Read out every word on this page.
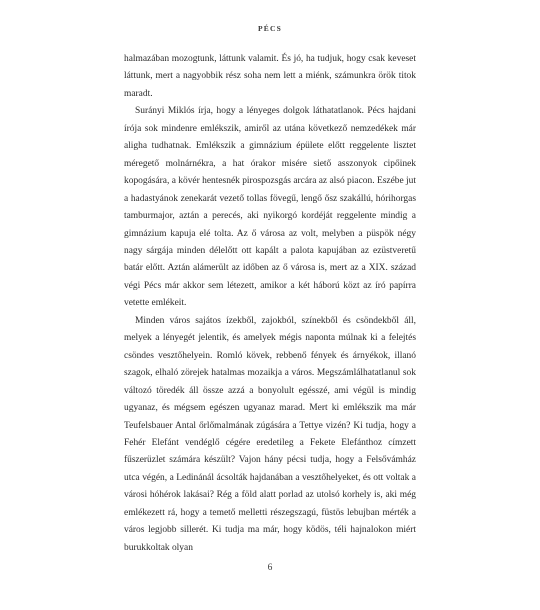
PÉCS

halmazában mozogtunk, láttunk valamit. És jó, ha tudjuk, hogy csak keveset láttunk, mert a nagyobbik rész soha nem lett a miénk, számunkra örök titok maradt.

Surányi Miklós írja, hogy a lényeges dolgok láthatatlanok. Pécs hajdani írója sok mindenre emlékszik, amiről az utána következő nemzedékek már aligha tudhatnak. Emlékszik a gimnázium épülete előtt reggelente lisztet méregető molnárnékra, a hat órakor misére siető asszonyok cipőinek kopogására, a kövér hentesnék pirospozsgás arcára az alsó piacon. Eszébe jut a hadastyánok zenekarát vezető tollas fövegű, lengő ősz szakállú, hórihorgas tamburmajor, aztán a perecés, aki nyikorgó kordéját reggelente mindig a gimnázium kapuja elé tolta. Az ő városa az volt, melyben a püspök négy nagy sárgája minden délelőtt ott kapált a palota kapujában az ezüstveretű batár előtt. Aztán alámerült az időben az ő városa is, mert az a XIX. század végi Pécs már akkor sem létezett, amikor a két háború közt az író papírra vetette emlékeit.

Minden város sajátos ízekből, zajokból, színekből és csöndekből áll, melyek a lényegét jelentik, és amelyek mégis naponta múlnak ki a felejtés csöndes vesztőhelyein. Romló kövek, rebbenő fények és árnyékok, illanó szagok, elhaló zörejek hatalmas mozaikja a város. Megszámlálhatatlanul sok változó töredék áll össze azzá a bonyolult egésszé, ami végül is mindig ugyanaz, és mégsem egészen ugyanaz marad. Mert ki emlékszik ma már Teufelsbauer Antal őrlőmalmának zúgására a Tettye vizén? Ki tudja, hogy a Fehér Elefánt vendéglő cégére eredetileg a Fekete Elefánthoz címzett fűszerüzlet számára készült? Vajon hány pécsi tudja, hogy a Felsővámház utca végén, a Ledinánál ácsolták hajdanában a vesztőhelyeket, és ott voltak a városi hóhérok lakásai? Rég a föld alatt porlad az utolsó korhely is, aki még emlékezett rá, hogy a temető melletti részegszagú, füstös lebujban mérték a város legjobb sillerét. Ki tudja ma már, hogy ködös, téli hajnalokon miért burukkoltak olyan

6
